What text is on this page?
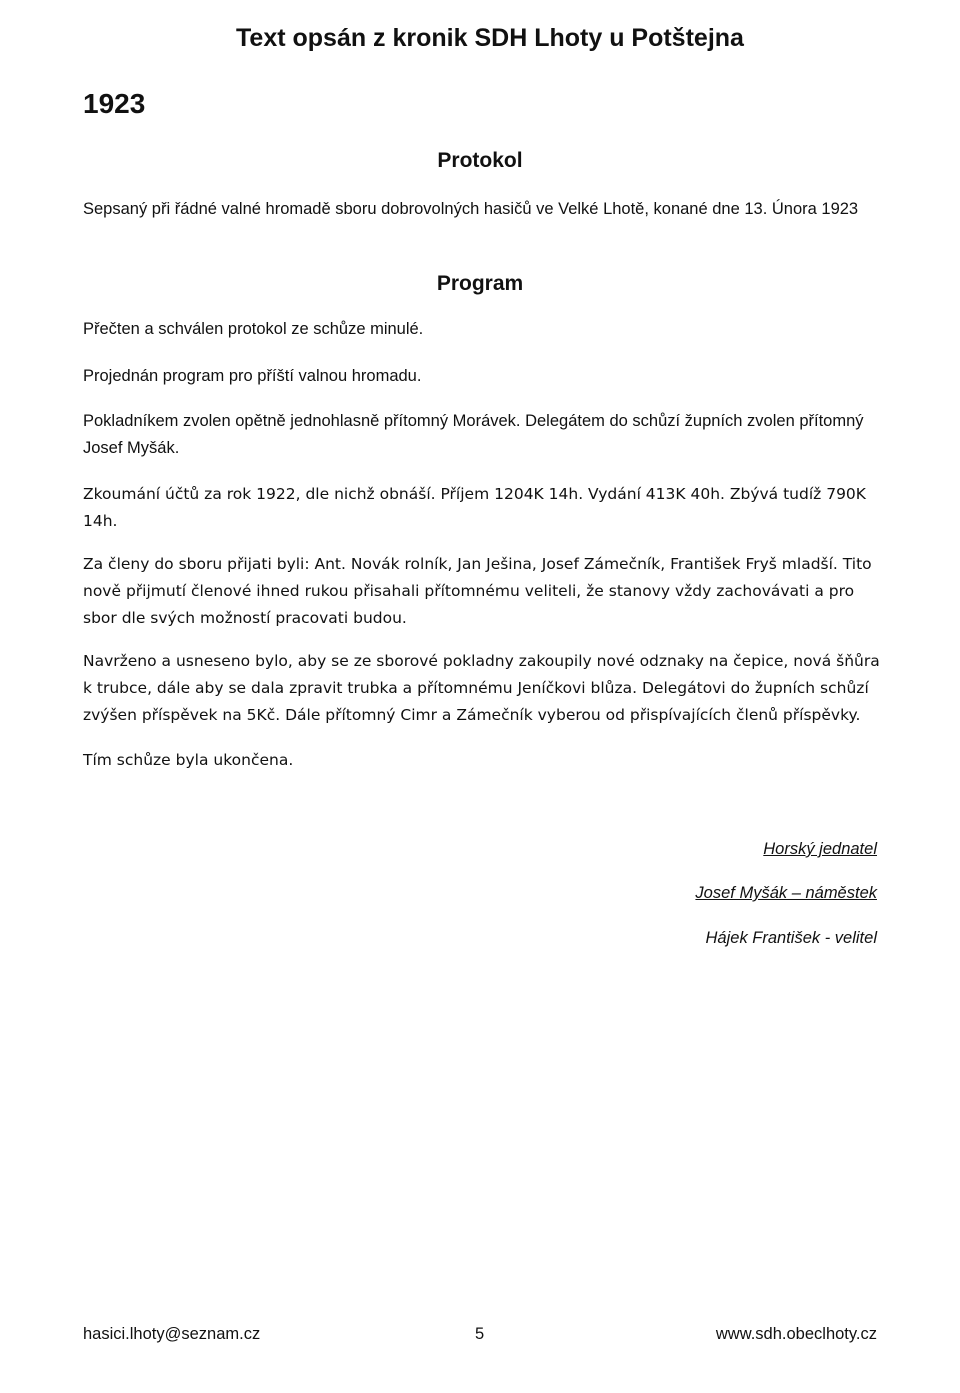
Text opsán z kronik SDH Lhoty u Potštejna
1923
Protokol
Sepsaný při řádné valné hromadě sboru dobrovolných hasičů ve Velké Lhotě, konané dne 13. Února 1923
Program
Přečten a schválen protokol ze schůze minulé.
Projednán program pro příští valnou hromadu.
Pokladníkem zvolen opětně jednohlasně přítomný Morávek. Delegátem do schůzí župních zvolen přítomný Josef Myšák.
Zkoumání účtů za rok 1922, dle nichž obnáší. Příjem 1204K 14h. Vydání 413K 40h. Zbývá tudíž 790K 14h.
Za členy do sboru přijati byli: Ant. Novák rolník, Jan Ješina, Josef Zámečník, František Fryš mladší. Tito nově přijmutí členové ihned rukou přisahali přítomnému veliteli, že stanovy vždy zachovávati a pro sbor dle svých možností pracovati budou.
Navrženo a usneseno bylo, aby se ze sborové pokladny zakoupily nové odznaky na čepice, nová šňůra k trubce, dále aby se dala zpravit trubka a přítomnému Jeníčkovi blůza. Delegátovi do župních schůzí zvýšen příspěvek na 5Kč. Dále přítomný Cimr a Zámečník vyberou od přispívajících členů příspěvky.
Tím schůze byla ukončena.
Horský jednatel
Josef Myšák – náměstek
Hájek František - velitel
hasici.lhoty@seznam.cz	5	www.sdh.obeclhoty.cz
